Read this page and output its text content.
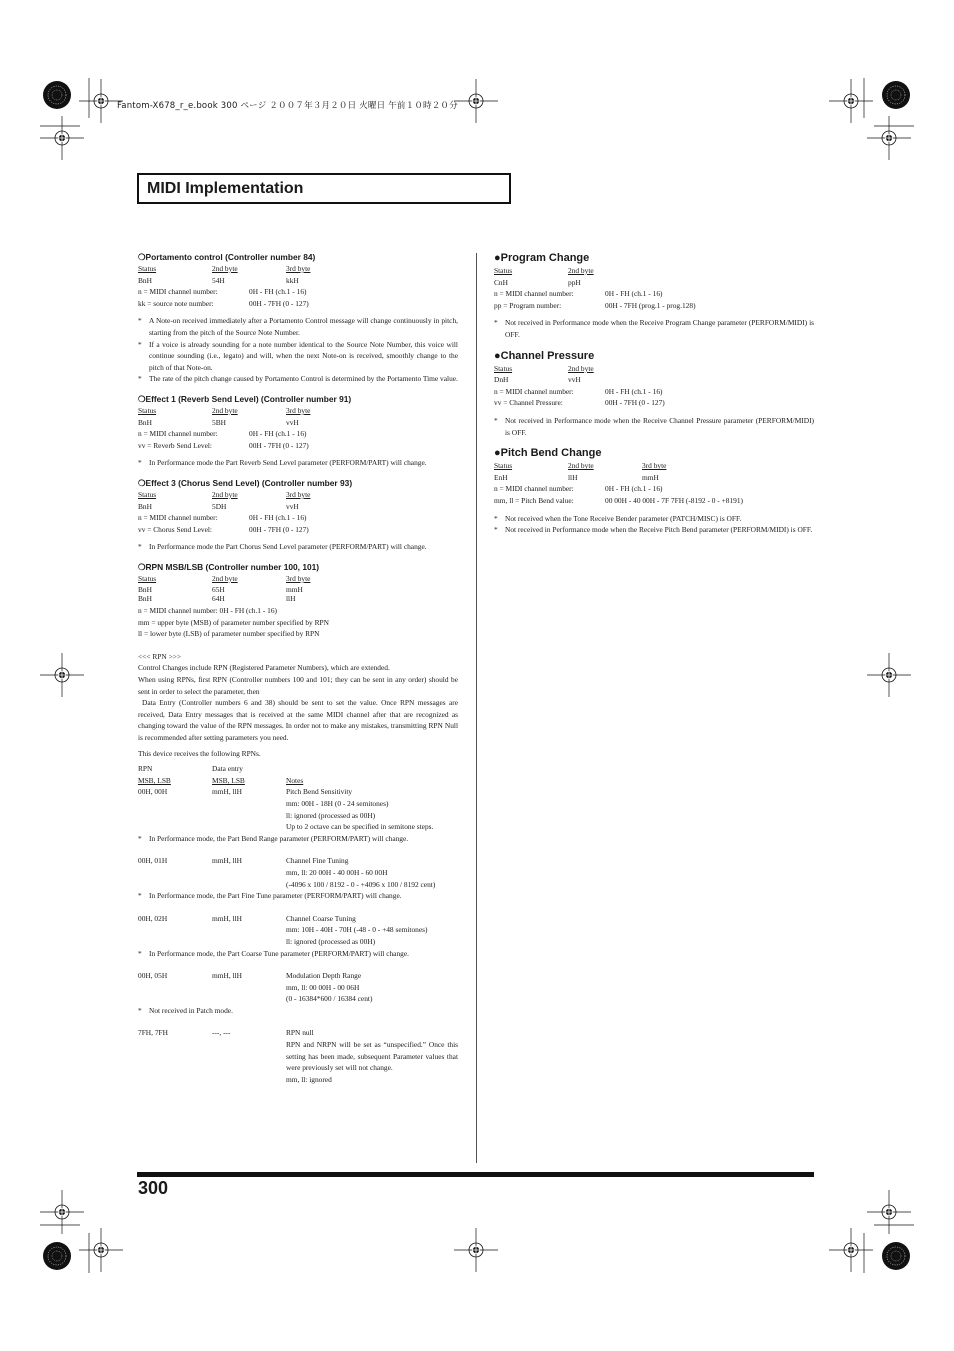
Fantom-X678_r_e.book 300 ページ ２００７年３月２０日 火曜日 午前１０時２０分
MIDI Implementation
❍Portamento control (Controller number 84)
Status	2nd byte	3rd byte
BnH	54H	kkH
n = MIDI channel number:	0H - FH (ch.1 - 16)
kk = source note number:	00H - 7FH (0 - 127)
* A Note-on received immediately after a Portamento Control message will change continuously in pitch, starting from the pitch of the Source Note Number.
* If a voice is already sounding for a note number identical to the Source Note Number, this voice will continue sounding (i.e., legato) and will, when the next Note-on is received, smoothly change to the pitch of that Note-on.
* The rate of the pitch change caused by Portamento Control is determined by the Portamento Time value.
❍Effect 1 (Reverb Send Level) (Controller number 91)
Status	2nd byte	3rd byte
BnH	5BH	vvH
n = MIDI channel number:	0H - FH (ch.1 - 16)
vv = Reverb Send Level:	00H - 7FH (0 - 127)
* In Performance mode the Part Reverb Send Level parameter (PERFORM/PART) will change.
❍Effect 3 (Chorus Send Level) (Controller number 93)
Status	2nd byte	3rd byte
BnH	5DH	vvH
n = MIDI channel number:	0H - FH (ch.1 - 16)
vv = Chorus Send Level:	00H - 7FH (0 - 127)
* In Performance mode the Part Chorus Send Level parameter (PERFORM/PART) will change.
❍RPN MSB/LSB (Controller number 100, 101)
Status	2nd byte	3rd byte
BnH	65H	mmH
BnH	64H	llH
n = MIDI channel number: 0H - FH (ch.1 - 16)
mm = upper byte (MSB) of parameter number specified by RPN
ll = lower byte (LSB) of parameter number specified by RPN
<<< RPN >>>
Control Changes include RPN (Registered Parameter Numbers), which are extended.
When using RPNs, first RPN (Controller numbers 100 and 101; they can be sent in any order) should be sent in order to select the parameter, then
Data Entry (Controller numbers 6 and 38) should be sent to set the value. Once RPN messages are received, Data Entry messages that is received at the same MIDI channel after that are recognized as changing toward the value of the RPN messages. In order not to make any mistakes, transmitting RPN Null is recommended after setting parameters you need.
This device receives the following RPNs.
RPN	Data entry
MSB, LSB	MSB, LSB	Notes
00H, 00H	mmH, llH	Pitch Bend Sensitivity
mm: 00H - 18H (0 - 24 semitones)
ll: ignored (processed as 00H)
Up to 2 octave can be specified in semitone steps.
* In Performance mode, the Part Bend Range parameter (PERFORM/PART) will change.
00H, 01H	mmH, llH	Channel Fine Tuning
mm, ll: 20 00H - 40 00H - 60 00H
(-4096 x 100 / 8192 - 0 - +4096 x 100 / 8192 cent)
* In Performance mode, the Part Fine Tune parameter (PERFORM/PART) will change.
00H, 02H	mmH, llH	Channel Coarse Tuning
mm: 10H - 40H - 70H (-48 - 0 - +48 semitones)
ll: ignored (processed as 00H)
* In Performance mode, the Part Coarse Tune parameter (PERFORM/PART) will change.
00H, 05H	mmH, llH	Modulation Depth Range
mm, ll: 00 00H - 00 06H
(0 - 16384*600 / 16384 cent)
* Not received in Patch mode.
7FH, 7FH	---, ---	RPN null
RPN and NRPN will be set as “unspecified.” Once this setting has been made, subsequent Parameter values that were previously set will not change.
mm, ll: ignored
●Program Change
Status	2nd byte
CnH	ppH
n = MIDI channel number:	0H - FH (ch.1 - 16)
pp = Program number:	00H - 7FH (prog.1 - prog.128)
* Not received in Performance mode when the Receive Program Change parameter (PERFORM/MIDI) is OFF.
●Channel Pressure
Status	2nd byte
DnH	vvH
n = MIDI channel number:	0H - FH (ch.1 - 16)
vv = Channel Pressure:	00H - 7FH (0 - 127)
* Not received in Performance mode when the Receive Channel Pressure parameter (PERFORM/MIDI) is OFF.
●Pitch Bend Change
Status	2nd byte	3rd byte
EnH	llH	mmH
n = MIDI channel number:	0H - FH (ch.1 - 16)
mm, ll = Pitch Bend value:	00 00H - 40 00H - 7F 7FH (-8192 - 0 - +8191)
* Not received when the Tone Receive Bender parameter (PATCH/MISC) is OFF.
* Not received in Performance mode when the Receive Pitch Bend parameter (PERFORM/MIDI) is OFF.
300
